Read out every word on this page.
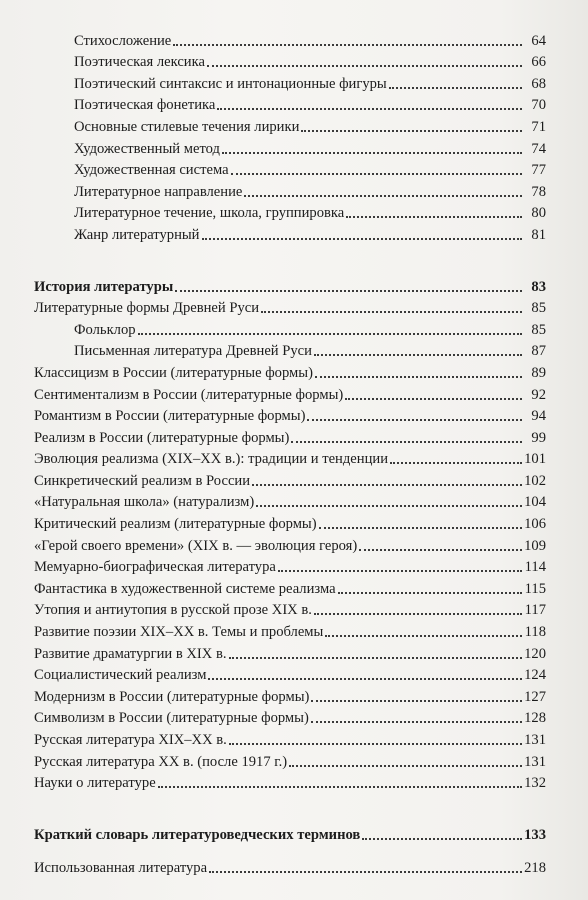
Стихосложение	64
Поэтическая лексика	66
Поэтический синтаксис и интонационные фигуры	68
Поэтическая фонетика	70
Основные стилевые течения лирики	71
Художественный метод	74
Художественная система	77
Литературное направление	78
Литературное течение, школа, группировка	80
Жанр литературный	81
История литературы	83
Литературные формы Древней Руси	85
Фольклор	85
Письменная литература Древней Руси	87
Классицизм в России (литературные формы)	89
Сентиментализм в России (литературные формы)	92
Романтизм в России (литературные формы)	94
Реализм в России (литературные формы)	99
Эволюция реализма (XIX–XX в.): традиции и тенденции	101
Синкретический реализм в России	102
«Натуральная школа» (натурализм)	104
Критический реализм (литературные формы)	106
«Герой своего времени» (XIX в. — эволюция героя)	109
Мемуарно-биографическая литература	114
Фантастика в художественной системе реализма	115
Утопия и антиутопия в русской прозе XIX в.	117
Развитие поэзии XIX–XX в. Темы и проблемы	118
Развитие драматургии в XIX в.	120
Социалистический реализм	124
Модернизм в России (литературные формы)	127
Символизм в России (литературные формы)	128
Русская литература XIX–XX в.	131
Русская литература XX в. (после 1917 г.)	131
Науки о литературе	132
Краткий словарь литературоведческих терминов	133
Использованная литература	218
